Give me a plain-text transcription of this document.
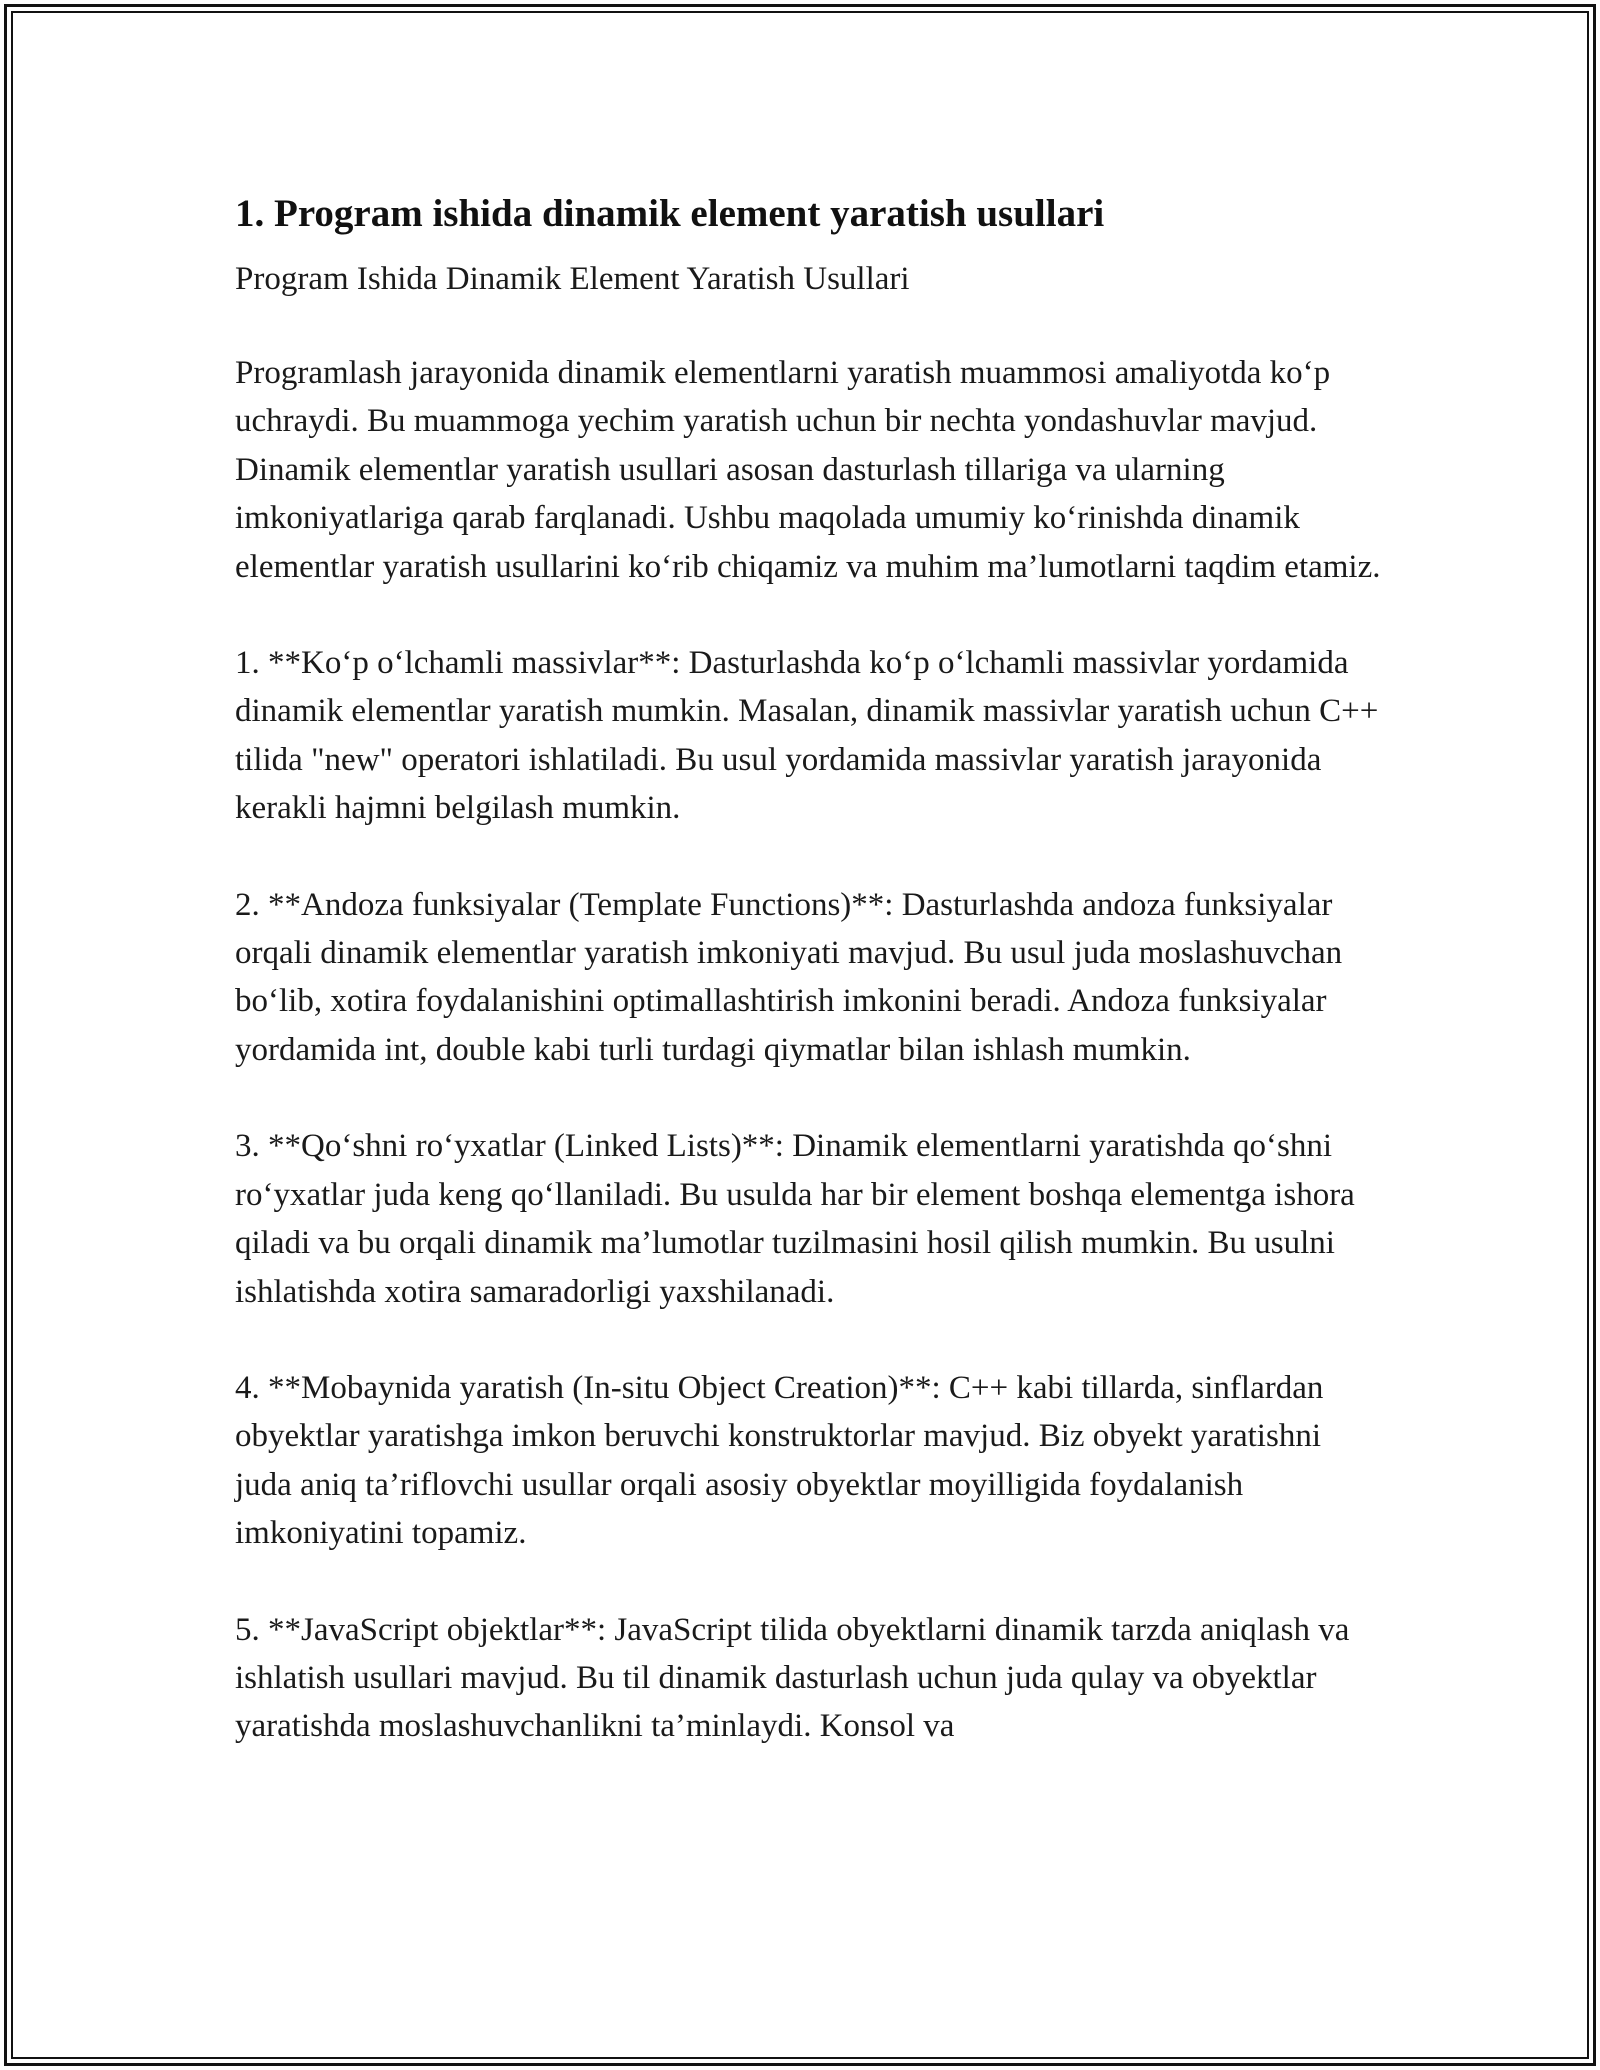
1. Program ishida dinamik element yaratish usullari

Program Ishida Dinamik Element Yaratish Usullari

Programlash jarayonida dinamik elementlarni yaratish muammosi amaliyotda ko‘p uchraydi. Bu muammoga yechim yaratish uchun bir nechta yondashuvlar mavjud. Dinamik elementlar yaratish usullari asosan dasturlash tillariga va ularning imkoniyatlariga qarab farqlanadi. Ushbu maqolada umumiy ko‘rinishda dinamik elementlar yaratish usullarini ko‘rib chiqamiz va muhim ma’lumotlarni taqdim etamiz.

1. **Ko‘p o‘lchamli massivlar**: Dasturlashda ko‘p o‘lchamli massivlar yordamida dinamik elementlar yaratish mumkin. Masalan, dinamik massivlar yaratish uchun C++ tilida "new" operatori ishlatiladi. Bu usul yordamida massivlar yaratish jarayonida kerakli hajmni belgilash mumkin.

2. **Andoza funksiyalar (Template Functions)**: Dasturlashda andoza funksiyalar orqali dinamik elementlar yaratish imkoniyati mavjud. Bu usul juda moslashuvchan bo‘lib, xotira foydalanishini optimallashtirish imkonini beradi. Andoza funksiyalar yordamida int, double kabi turli turdagi qiymatlar bilan ishlash mumkin.

3. **Qo‘shni ro‘yxatlar (Linked Lists)**: Dinamik elementlarni yaratishda qo‘shni ro‘yxatlar juda keng qo‘llaniladi. Bu usulda har bir element boshqa elementga ishora qiladi va bu orqali dinamik ma’lumotlar tuzilmasini hosil qilish mumkin. Bu usulni ishlatishda xotira samaradorligi yaxshilanadi.

4. **Mobaynida yaratish (In-situ Object Creation)**: C++ kabi tillarda, sinflardan obyektlar yaratishga imkon beruvchi konstruktorlar mavjud. Biz obyekt yaratishni juda aniq ta’riflovchi usullar orqali asosiy obyektlar moyilligida foydalanish imkoniyatini topamiz.

5. **JavaScript objektlar**: JavaScript tilida obyektlarni dinamik tarzda aniqlash va ishlatish usullari mavjud. Bu til dinamik dasturlash uchun juda qulay va obyektlar yaratishda moslashuvchanlikni ta’minlaydi. Konsol va
